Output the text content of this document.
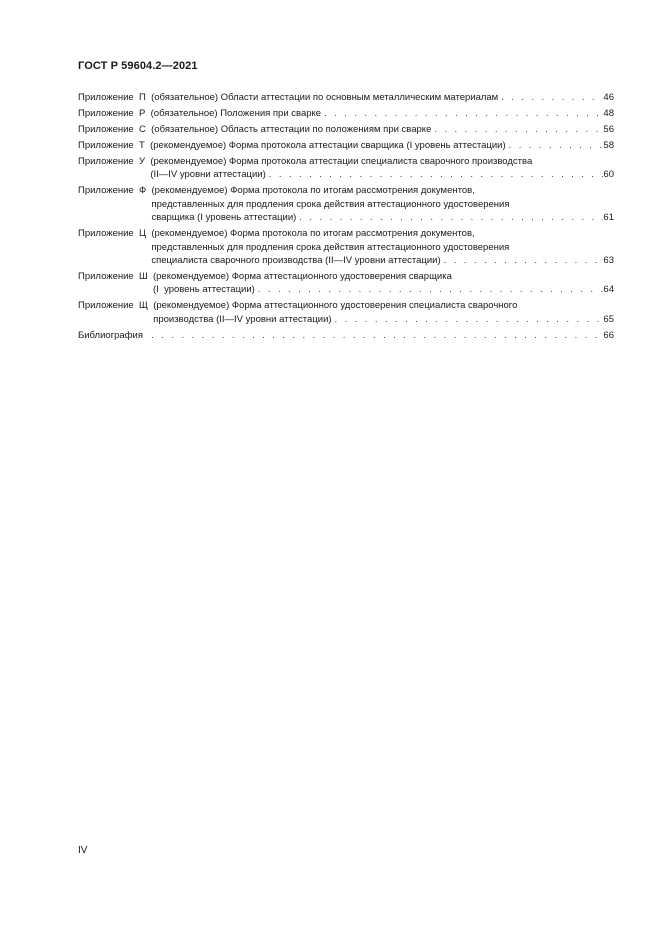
ГОСТ Р 59604.2—2021
Приложение  П (обязательное) Области аттестации по основным металлическим материалам . . .	46
Приложение  Р (обязательное) Положения при сварке . . .	48
Приложение  С (обязательное) Область аттестации по положениям при сварке . . .	56
Приложение  Т (рекомендуемое) Форма протокола аттестации сварщика (I уровень аттестации) . . .	58
Приложение  У (рекомендуемое) Форма протокола аттестации специалиста сварочного производства
(II—IV уровни аттестации) . . .	60
Приложение  Ф (рекомендуемое) Форма протокола по итогам рассмотрения документов,
представленных для продления срока действия аттестационного удостоверения
сварщика (I уровень аттестации) . . .	61
Приложение  Ц (рекомендуемое) Форма протокола по итогам рассмотрения документов,
представленных для продления срока действия аттестационного удостоверения
специалиста сварочного производства (II—IV уровни аттестации) . . .	63
Приложение  Ш (рекомендуемое) Форма аттестационного удостоверения сварщика
(I  уровень аттестации) . . .	64
Приложение  Щ (рекомендуемое) Форма аттестационного удостоверения специалиста сварочного
производства (II—IV уровни аттестации) . . .	65
Библиография . . .	66
IV
